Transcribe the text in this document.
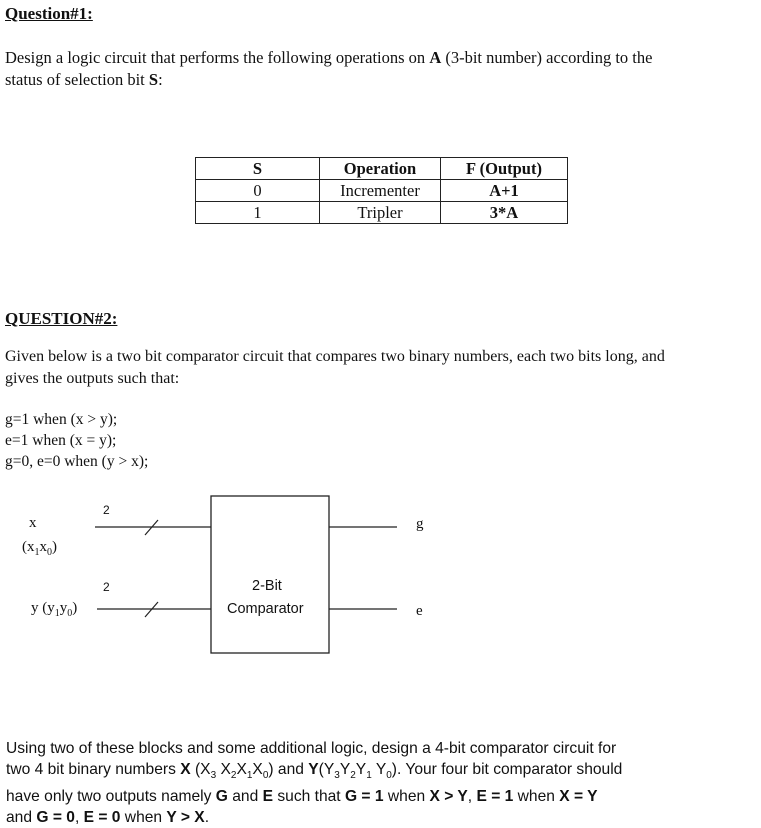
Question#1:
Design a logic circuit that performs the following operations on A (3-bit number) according to the
status of selection bit S:
S	Operation	F (Output)
0	Incrementer	A+1
1	Tripler	3*A
QUESTION#2:
Given below is a two bit comparator circuit that compares two binary numbers, each two bits long, and
gives the outputs such that:
g=1 when (x > y);
e=1 when (x = y);
g=0, e=0 when (y > x);
2
2
x
$(x_1x_0)$
y $(y_1y_0)$
2-Bit
Comparator
g
e
Using two of these blocks and some additional logic, design a 4-bit comparator circuit for
two 4 bit binary numbers X ($X_3$ $X_2X_1X_0$) and $Y(Y_3Y_2Y_1$ $Y_0$). Your four bit comparator should
have only two outputs namely G and E such that G = 1 when X > Y, E = 1 when X = Y
and G = 0, E = 0 when Y > X.
